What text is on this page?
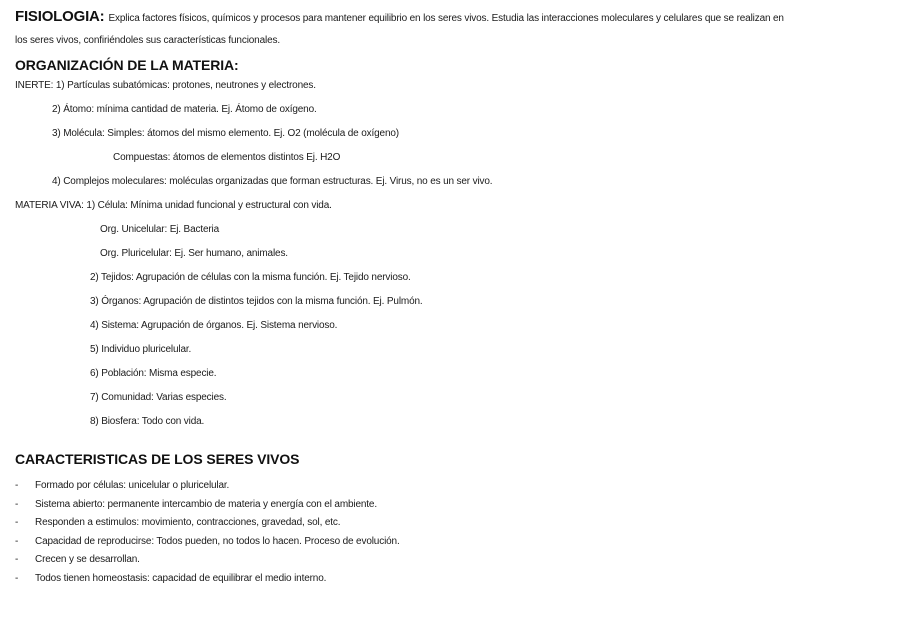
FISIOLOGIA: Explica factores físicos, químicos y procesos para mantener equilibrio en los seres vivos. Estudia las interacciones moleculares y celulares que se realizan en
los seres vivos, confiriéndoles sus características funcionales.

ORGANIZACIÓN DE LA MATERIA:
INERTE: 1) Partículas subatómicas: protones, neutrones y electrones.
2) Átomo: mínima cantidad de materia. Ej. Átomo de oxígeno.
3) Molécula: Simples: átomos del mismo elemento. Ej. O2 (molécula de oxígeno)
Compuestas: átomos de elementos distintos Ej. H2O
4) Complejos moleculares: moléculas organizadas que forman estructuras. Ej. Virus, no es un ser vivo.
MATERIA VIVA: 1) Célula: Mínima unidad funcional y estructural con vida.
Org. Unicelular: Ej. Bacteria
Org. Pluricelular: Ej. Ser humano, animales.
2) Tejidos: Agrupación de células con la misma función. Ej. Tejido nervioso.
3) Órganos: Agrupación de distintos tejidos con la misma función. Ej. Pulmón.
4) Sistema: Agrupación de órganos. Ej. Sistema nervioso.
5) Individuo pluricelular.
6) Población: Misma especie.
7) Comunidad: Varias especies.
8) Biosfera: Todo con vida.
CARACTERISTICAS DE LOS SERES VIVOS
-	Formado por células: unicelular o pluricelular.
-	Sistema abierto: permanente intercambio de materia y energía con el ambiente.
-	Responden a estimulos: movimiento, contracciones, gravedad, sol, etc.
-	Capacidad de reproducirse: Todos pueden, no todos lo hacen. Proceso de evolución.
-	Crecen y se desarrollan.
-	Todos tienen homeostasis: capacidad de equilibrar el medio interno.
